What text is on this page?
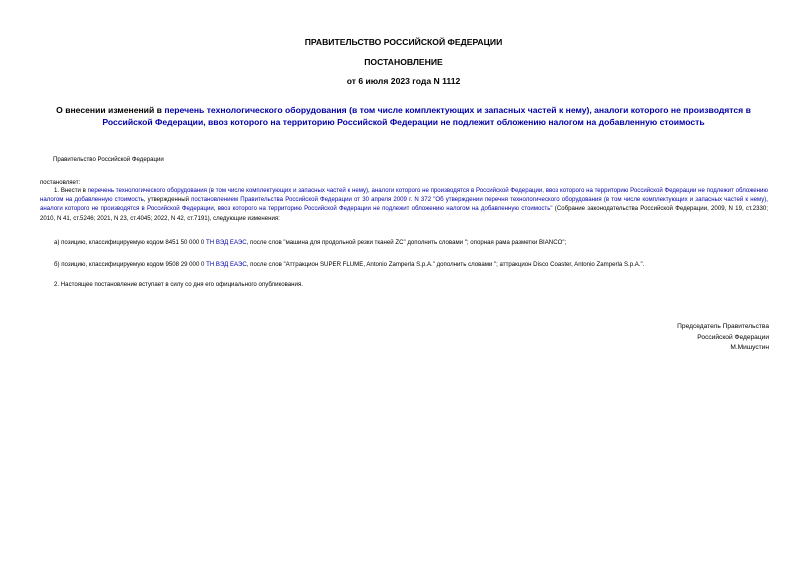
ПРАВИТЕЛЬСТВО РОССИЙСКОЙ ФЕДЕРАЦИИ
ПОСТАНОВЛЕНИЕ
от 6 июля 2023 года N 1112
О внесении изменений в перечень технологического оборудования (в том числе комплектующих и запасных частей к нему), аналоги которого не производятся в Российской Федерации, ввоз которого на территорию Российской Федерации не подлежит обложению налогом на добавленную стоимость
Правительство Российской Федерации
постановляет:
1. Внести в перечень технологического оборудования (в том числе комплектующих и запасных частей к нему), аналоги которого не производятся в Российской Федерации, ввоз которого на территорию Российской Федерации не подлежит обложению налогом на добавленную стоимость, утвержденный постановлением Правительства Российской Федерации от 30 апреля 2009 г. N 372 "Об утверждении перечня технологического оборудования (в том числе комплектующих и запасных частей к нему), аналоги которого не производятся в Российской Федерации, ввоз которого на территорию Российской Федерации не подлежит обложению налогом на добавленную стоимость" (Собрание законодательства Российской Федерации, 2009, N 19, ст.2330; 2010, N 41, ст.5246; 2021, N 23, ст.4045; 2022, N 42, ст.7191), следующие изменения:
а) позицию, классифицируемую кодом 8451 50 000 0 ТН ВЭД ЕАЭС, после слов "машина для продольной резки тканей ZC" дополнить словами "; опорная рама разметки BIANCO";
б) позицию, классифицируемую кодом 9508 29 000 0 ТН ВЭД ЕАЭС, после слов "Аттракцион SUPER FLUME, Antonio Zamperla S.p.A." дополнить словами "; аттракцион Disco Coaster, Antonio Zamperla S.p.A.".
2. Настоящее постановление вступает в силу со дня его официального опубликования.
Председатель Правительства
Российской Федерации
М.Мишустин
